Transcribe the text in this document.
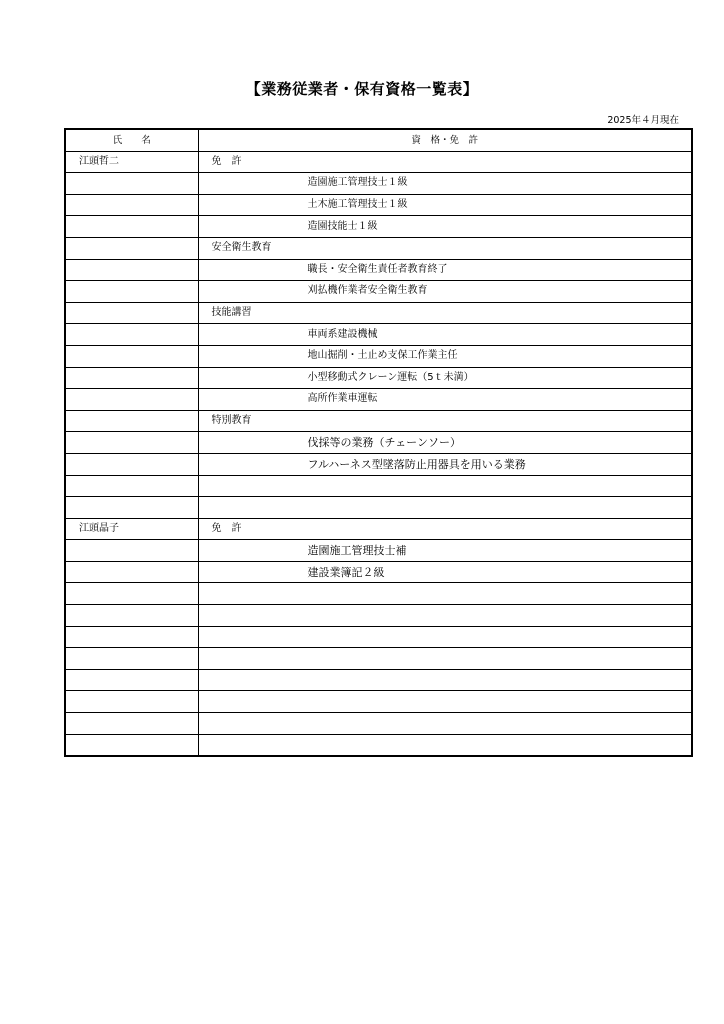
【業務従業者・保有資格一覧表】
2025年４月現在
氏　　名	資　格・免　許
江頭哲二	免　許
	造園施工管理技士１級
	土木施工管理技士１級
	造園技能士１級
	安全衛生教育
	職長・安全衛生責任者教育終了
	刈払機作業者安全衛生教育
	技能講習
	車両系建設機械
	地山掘削・土止め支保工作業主任
	小型移動式クレーン運転（5ｔ未満）
	高所作業車運転
	特別教育
	伐採等の業務（チェーンソー）
	フルハーネス型墜落防止用器具を用いる業務

江頭晶子	免　許
	造園施工管理技士補
	建設業簿記２級
